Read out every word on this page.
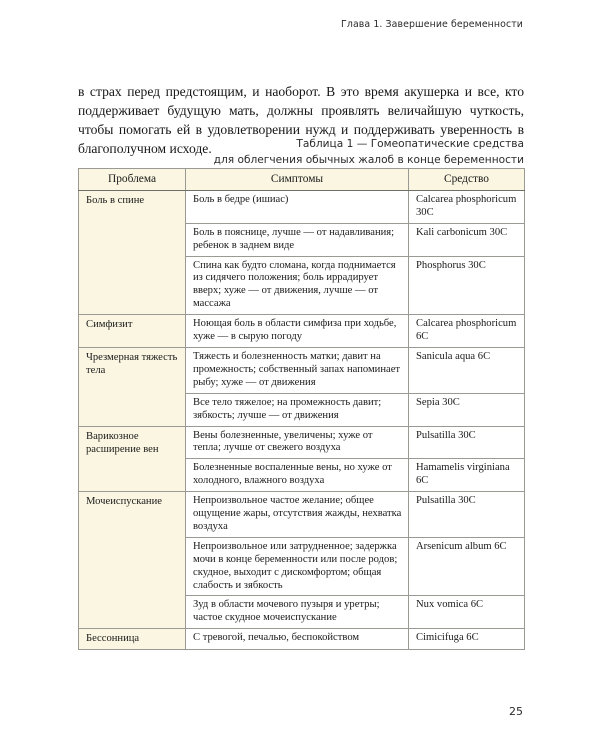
Глава 1. Завершение беременности

в страх перед предстоящим, и наоборот. В это время акушерка и все, кто поддерживает будущую мать, должны проявлять величайшую чуткость, чтобы помогать ей в удовлетворении нужд и поддерживать уверенность в благополучном исходе.	Таблица 1 — Гомеопатические средства
для облегчения обычных жалоб в конце беременности
Проблема	Симптомы	Средство
Боль в спине	Боль в бедре (ишиас)	Calcarea phosphoricum 30C
	Боль в пояснице, лучше — от надавливания; ребенок в заднем виде	Kali carbonicum 30C
	Спина как будто сломана, когда поднимается из сидячего положения; боль иррадирует вверх; хуже — от движения, лучше — от массажа	Phosphorus 30C
Симфизит	Ноющая боль в области симфиза при ходьбе, хуже — в сырую погоду	Calcarea phosphoricum 6C
Чрезмерная тяжесть тела	Тяжесть и болезненность матки; давит на промежность; собственный запах напоминает рыбу; хуже — от движения	Sanicula aqua 6C
	Все тело тяжелое; на промежность давит; зябкость; лучше — от движения	Sepia 30C
Варикозное расширение вен	Вены болезненные, увеличены; хуже от тепла; лучше от свежего воздуха	Pulsatilla 30C
	Болезненные воспаленные вены, но хуже от холодного, влажного воздуха	Hamamelis virginiana 6C
Мочеиспускание	Непроизвольное частое желание; общее ощущение жары, отсутствия жажды, нехватка воздуха	Pulsatilla 30C
	Непроизвольное или затрудненное; задержка мочи в конце беременности или после родов; скудное, выходит с дискомфортом; общая слабость и зябкость	Arsenicum album 6C
	Зуд в области мочевого пузыря и уретры; частое скудное мочеиспускание	Nux vomica 6C
Бессонница	С тревогой, печалью, беспокойством	Cimicifuga 6C
25
